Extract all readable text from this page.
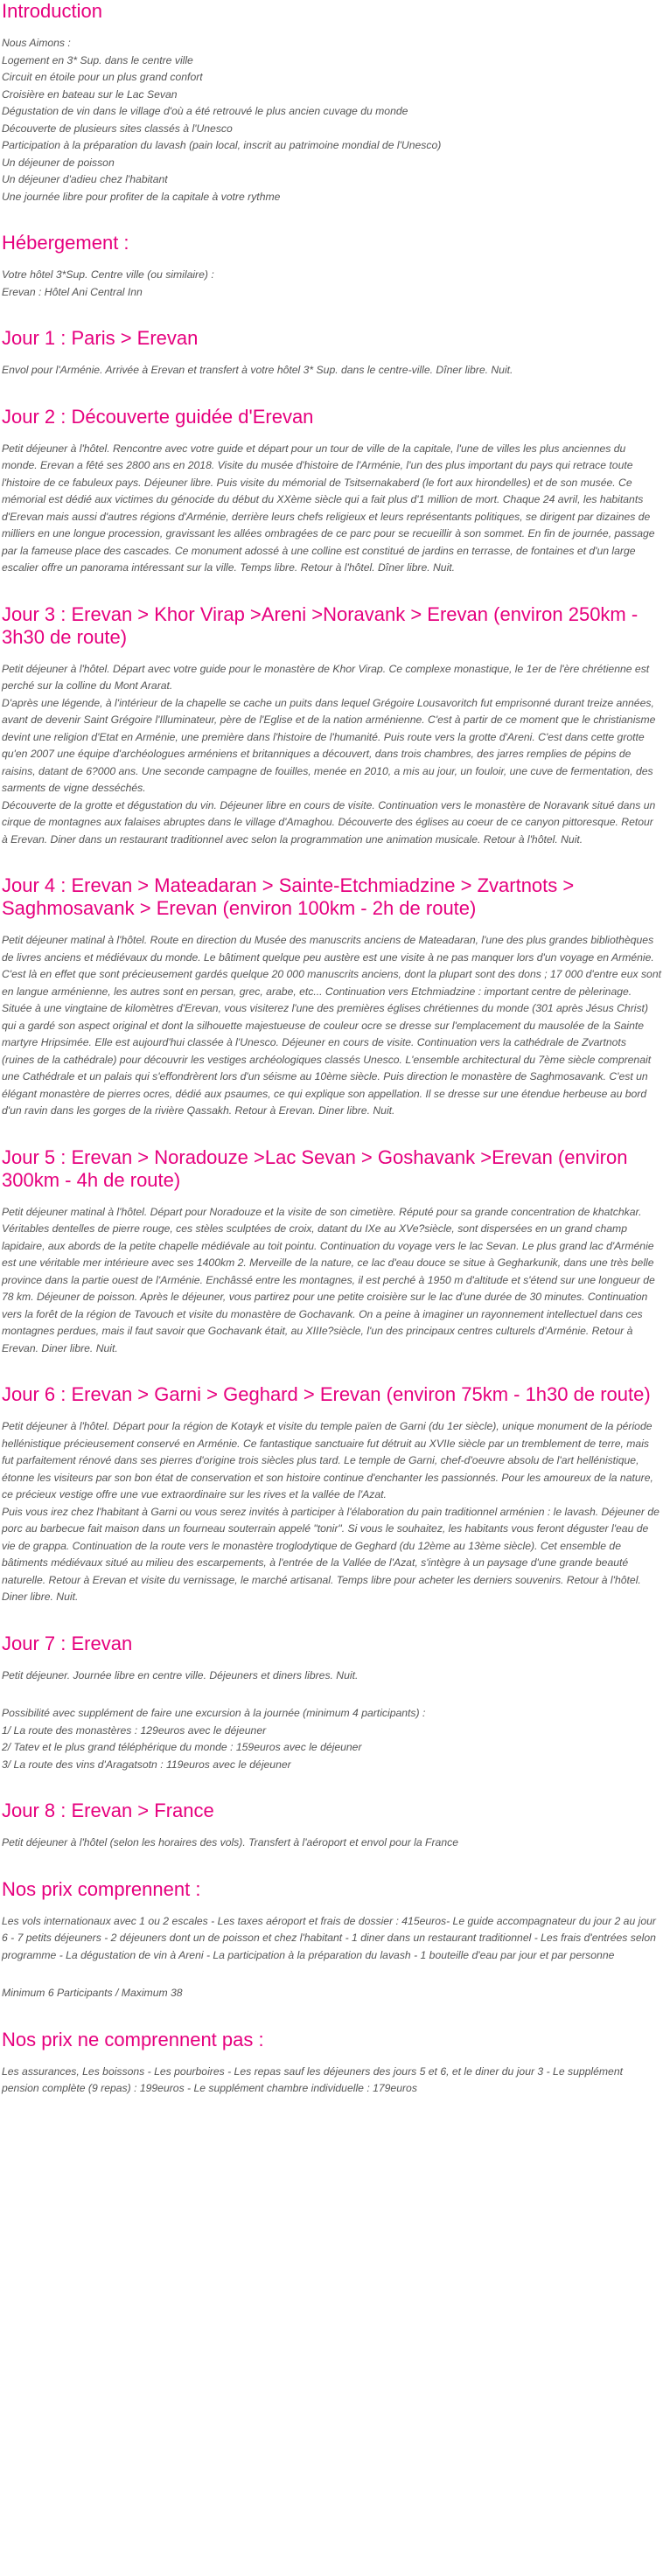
Introduction

Nous Aimons :

Logement en 3* Sup. dans le centre ville

Circuit en étoile pour un plus grand confort

Croisière en bateau sur le Lac Sevan

Dégustation de vin dans le village d'où a été retrouvé le plus ancien cuvage du monde

Découverte de plusieurs sites classés à l'Unesco

Participation à la préparation du lavash (pain local, inscrit au patrimoine mondial de l'Unesco)

Un déjeuner de poisson

Un déjeuner d'adieu chez l'habitant

Une journée libre pour profiter de la capitale à votre rythme

Hébergement :

Votre hôtel 3*Sup. Centre ville (ou similaire) :

Erevan : Hôtel Ani Central Inn

Jour 1 : Paris > Erevan

Envol pour l'Arménie. Arrivée à Erevan et transfert à votre hôtel 3* Sup. dans le centre-ville. Dîner libre. Nuit.

Jour 2 : Découverte guidée d'Erevan

Petit déjeuner à l'hôtel. Rencontre avec votre guide et départ pour un tour de ville de la capitale, l'une de villes les plus anciennes du monde. Erevan a fêté ses 2800 ans en 2018. Visite du musée d'histoire de l'Arménie, l'un des plus important du pays qui retrace toute l'histoire de ce fabuleux pays. Déjeuner libre. Puis visite du mémorial de Tsitsernakaberd (le fort aux hirondelles) et de son musée. Ce mémorial est dédié aux victimes du génocide du début du XXème siècle qui a fait plus d'1 million de mort. Chaque 24 avril, les habitants d'Erevan mais aussi d'autres régions d'Arménie, derrière leurs chefs religieux et leurs représentants politiques, se dirigent par dizaines de milliers en une longue procession, gravissant les allées ombragées de ce parc pour se recueillir à son sommet. En fin de journée, passage par la fameuse place des cascades. Ce monument adossé à une colline est constitué de jardins en terrasse, de fontaines et d'un large escalier offre un panorama intéressant sur la ville. Temps libre. Retour à l'hôtel. Dîner libre. Nuit.

Jour 3 : Erevan > Khor Virap >Areni >Noravank > Erevan (environ 250km - 3h30 de route)

Petit déjeuner à l'hôtel. Départ avec votre guide pour le monastère de Khor Virap. Ce complexe monastique, le 1er de l'ère chrétienne est perché sur la colline du Mont Ararat.

D'après une légende, à l'intérieur de la chapelle se cache un puits dans lequel Grégoire Lousavoritch fut emprisonné durant treize années, avant de devenir Saint Grégoire l'Illuminateur, père de l'Eglise et de la nation arménienne. C'est à partir de ce moment que le christianisme devint une religion d'Etat en Arménie, une première dans l'histoire de l'humanité. Puis route vers la grotte d'Areni. C'est dans cette grotte qu'en 2007 une équipe d'archéologues arméniens et britanniques a découvert, dans trois chambres, des jarres remplies de pépins de raisins, datant de 6?000 ans. Une seconde campagne de fouilles, menée en 2010, a mis au jour, un fouloir, une cuve de fermentation, des sarments de vigne desséchés.

Découverte de la grotte et dégustation du vin. Déjeuner libre en cours de visite. Continuation vers le monastère de Noravank situé dans un cirque de montagnes aux falaises abruptes dans le village d'Amaghou. Découverte des églises au coeur de ce canyon pittoresque. Retour à Erevan. Diner dans un restaurant traditionnel avec selon la programmation une animation musicale. Retour à l'hôtel. Nuit.

Jour 4 : Erevan > Mateadaran > Sainte-Etchmiadzine > Zvartnots > Saghmosavank > Erevan (environ 100km - 2h de route)

Petit déjeuner matinal à l'hôtel. Route en direction du Musée des manuscrits anciens de Mateadaran, l'une des plus grandes bibliothèques de livres anciens et médiévaux du monde. Le bâtiment quelque peu austère est une visite à ne pas manquer lors d'un voyage en Arménie. C'est là en effet que sont précieusement gardés quelque 20 000 manuscrits anciens, dont la plupart sont des dons ; 17 000 d'entre eux sont en langue arménienne, les autres sont en persan, grec, arabe, etc... Continuation vers Etchmiadzine : important centre de pèlerinage. Située à une vingtaine de kilomètres d'Erevan, vous visiterez l'une des premières églises chrétiennes du monde (301 après Jésus Christ) qui a gardé son aspect original et dont la silhouette majestueuse de couleur ocre se dresse sur l'emplacement du mausolée de la Sainte martyre Hripsimée. Elle est aujourd'hui classée à l'Unesco. Déjeuner en cours de visite. Continuation vers la cathédrale de Zvartnots (ruines de la cathédrale) pour découvrir les vestiges archéologiques classés Unesco. L'ensemble architectural du 7ème siècle comprenait une Cathédrale et un palais qui s'effondrèrent lors d'un séisme au 10ème siècle. Puis direction le monastère de Saghmosavank. C'est un élégant monastère de pierres ocres, dédié aux psaumes, ce qui explique son appellation. Il se dresse sur une étendue herbeuse au bord d'un ravin dans les gorges de la rivière Qassakh. Retour à Erevan. Diner libre. Nuit.

Jour 5 : Erevan > Noradouze >Lac Sevan > Goshavank >Erevan (environ 300km - 4h de route)

Petit déjeuner matinal à l'hôtel. Départ pour Noradouze et la visite de son cimetière. Réputé pour sa grande concentration de khatchkar. Véritables dentelles de pierre rouge, ces stèles sculptées de croix, datant du IXe au XVe?siècle, sont dispersées en un grand champ lapidaire, aux abords de la petite chapelle médiévale au toit pointu. Continuation du voyage vers le lac Sevan. Le plus grand lac d'Arménie est une véritable mer intérieure avec ses 1400km 2. Merveille de la nature, ce lac d'eau douce se situe à Gegharkunik, dans une très belle province dans la partie ouest de l'Arménie. Enchâssé entre les montagnes, il est perché à 1950 m d'altitude et s'étend sur une longueur de 78 km. Déjeuner de poisson. Après le déjeuner, vous partirez pour une petite croisière sur le lac d'une durée de 30 minutes. Continuation vers la forêt de la région de Tavouch et visite du monastère de Gochavank. On a peine à imaginer un rayonnement intellectuel dans ces montagnes perdues, mais il faut savoir que Gochavank était, au XIIIe?siècle, l'un des principaux centres culturels d'Arménie. Retour à Erevan. Diner libre. Nuit.

Jour 6 : Erevan > Garni > Geghard > Erevan (environ 75km - 1h30 de route)

Petit déjeuner à l'hôtel. Départ pour la région de Kotayk et visite du temple païen de Garni (du 1er siècle), unique monument de la période hellénistique précieusement conservé en Arménie. Ce fantastique sanctuaire fut détruit au XVIIe siècle par un tremblement de terre, mais fut parfaitement rénové dans ses pierres d'origine trois siècles plus tard. Le temple de Garni, chef-d'oeuvre absolu de l'art hellénistique, étonne les visiteurs par son bon état de conservation et son histoire continue d'enchanter les passionnés. Pour les amoureux de la nature, ce précieux vestige offre une vue extraordinaire sur les rives et la vallée de l'Azat.

Puis vous irez chez l'habitant à Garni ou vous serez invités à participer à l'élaboration du pain traditionnel arménien : le lavash. Déjeuner de porc au barbecue fait maison dans un fourneau souterrain appelé "tonir". Si vous le souhaitez, les habitants vous feront déguster l'eau de vie de grappa. Continuation de la route vers le monastère troglodytique de Geghard (du 12ème au 13ème siècle). Cet ensemble de bâtiments médiévaux situé au milieu des escarpements, à l'entrée de la Vallée de l'Azat, s'intègre à un paysage d'une grande beauté naturelle. Retour à Erevan et visite du vernissage, le marché artisanal. Temps libre pour acheter les derniers souvenirs. Retour à l'hôtel. Diner libre. Nuit.

Jour 7 : Erevan

Petit déjeuner. Journée libre en centre ville. Déjeuners et diners libres. Nuit.

Possibilité avec supplément de faire une excursion à la journée (minimum 4 participants) :

1/ La route des monastères : 129euros avec le déjeuner

2/ Tatev et le plus grand téléphérique du monde : 159euros avec le déjeuner

3/ La route des vins d'Aragatsotn : 119euros avec le déjeuner

Jour 8 : Erevan > France

Petit déjeuner à l'hôtel (selon les horaires des vols). Transfert à l'aéroport et envol pour la France

Nos prix comprennent :

Les vols internationaux avec 1 ou 2 escales - Les taxes aéroport et frais de dossier : 415euros- Le guide accompagnateur du jour 2 au jour 6 - 7 petits déjeuners - 2 déjeuners dont un de poisson et chez l'habitant - 1 diner dans un restaurant traditionnel - Les frais d'entrées selon programme - La dégustation de vin à Areni - La participation à la préparation du lavash - 1 bouteille d'eau par jour et par personne

Minimum 6 Participants / Maximum 38

Nos prix ne comprennent pas :

Les assurances, Les boissons - Les pourboires - Les repas sauf les déjeuners des jours 5 et 6, et le diner du jour 3 - Le supplément pension complète (9 repas) : 199euros - Le supplément chambre individuelle : 179euros
